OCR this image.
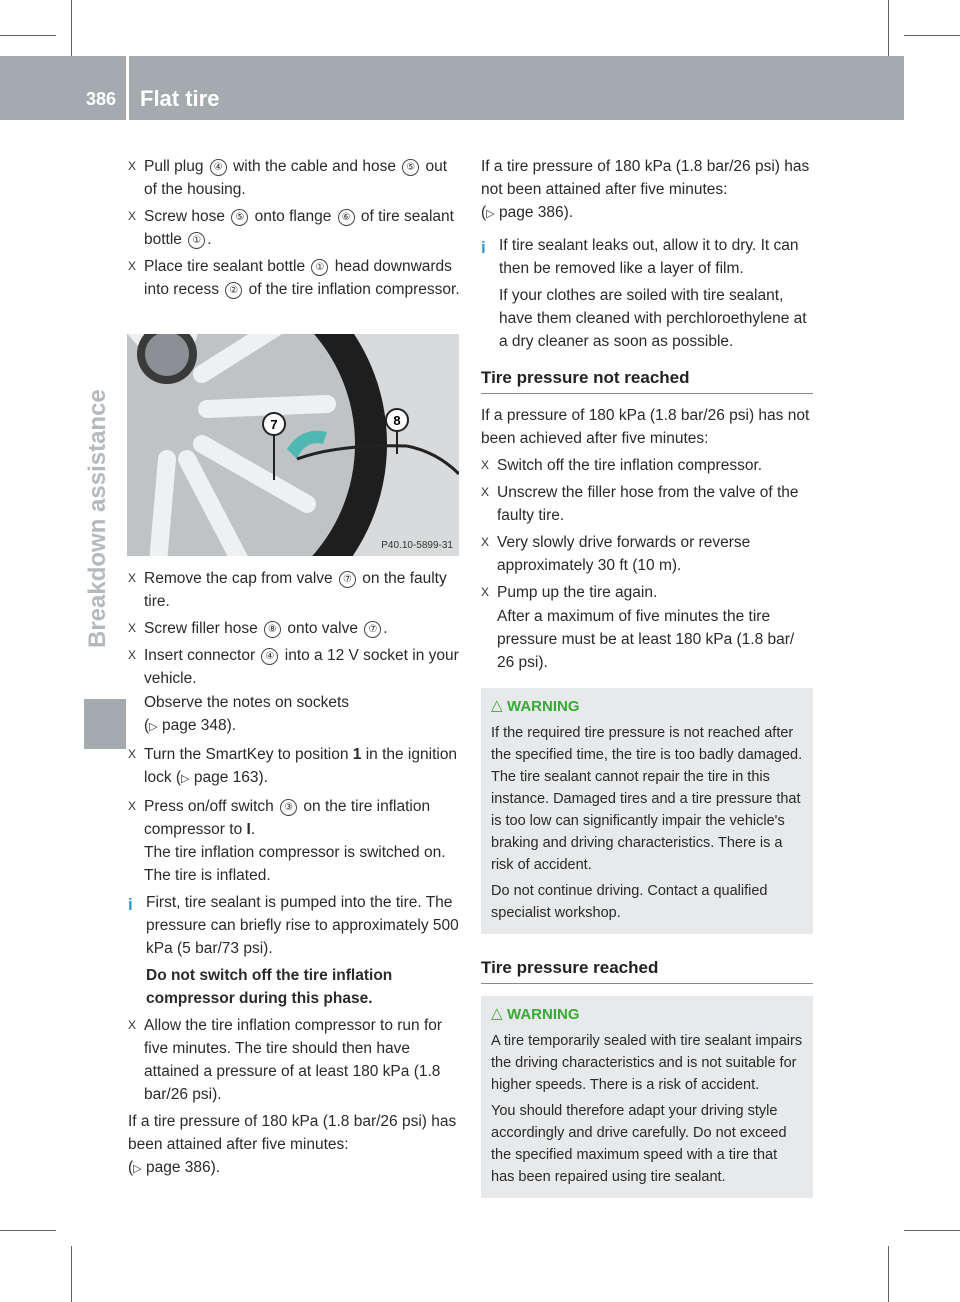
386 Flat tire
Breakdown assistance

X Pull plug ④ with the cable and hose ⑤ out of the housing.

X Screw hose ⑤ onto flange ⑥ of tire sealant bottle ① .

X Place tire sealant bottle ① head downwards into recess ② of the tire inflation compressor.

7	8
P40.10-5899-31

X Remove the cap from valve ⑦ on the faulty tire.

X Screw filler hose ⑧ onto valve ⑦ .

X Insert connector ④ into a 12 V socket in your vehicle.

Observe the notes on sockets
(▷ page 348).

X Turn the SmartKey to position 1 in the ignition lock (▷ page 163).

X Press on/off switch ③ on the tire inflation compressor to I.
The tire inflation compressor is switched on. The tire is inflated.

i First, tire sealant is pumped into the tire. The pressure can briefly rise to approximately 500 kPa (5 bar/73 psi).

Do not switch off the tire inflation compressor during this phase.

X Allow the tire inflation compressor to run for five minutes. The tire should then have attained a pressure of at least 180 kPa (1.8 bar/26 psi).

If a tire pressure of 180 kPa (1.8 bar/26 psi) has been attained after five minutes:
(▷ page 386).

If a tire pressure of 180 kPa (1.8 bar/26 psi) has not been attained after five minutes:
(▷ page 386).

i If tire sealant leaks out, allow it to dry. It can then be removed like a layer of film.

If your clothes are soiled with tire sealant, have them cleaned with perchloroethylene at a dry cleaner as soon as possible.

Tire pressure not reached

If a pressure of 180 kPa (1.8 bar/26 psi) has not been achieved after five minutes:

X Switch off the tire inflation compressor.

X Unscrew the filler hose from the valve of the faulty tire.

X Very slowly drive forwards or reverse approximately 30 ft (10 m).

X Pump up the tire again.

After a maximum of five minutes the tire pressure must be at least 180 kPa (1.8 bar/ 26 psi).

△ WARNING

If the required tire pressure is not reached after the specified time, the tire is too badly damaged. The tire sealant cannot repair the tire in this instance. Damaged tires and a tire pressure that is too low can significantly impair the vehicle's braking and driving characteristics. There is a risk of accident.

Do not continue driving. Contact a qualified specialist workshop.

Tire pressure reached
△ WARNING

A tire temporarily sealed with tire sealant impairs the driving characteristics and is not suitable for higher speeds. There is a risk of accident.

You should therefore adapt your driving style accordingly and drive carefully. Do not exceed the specified maximum speed with a tire that has been repaired using tire sealant.
